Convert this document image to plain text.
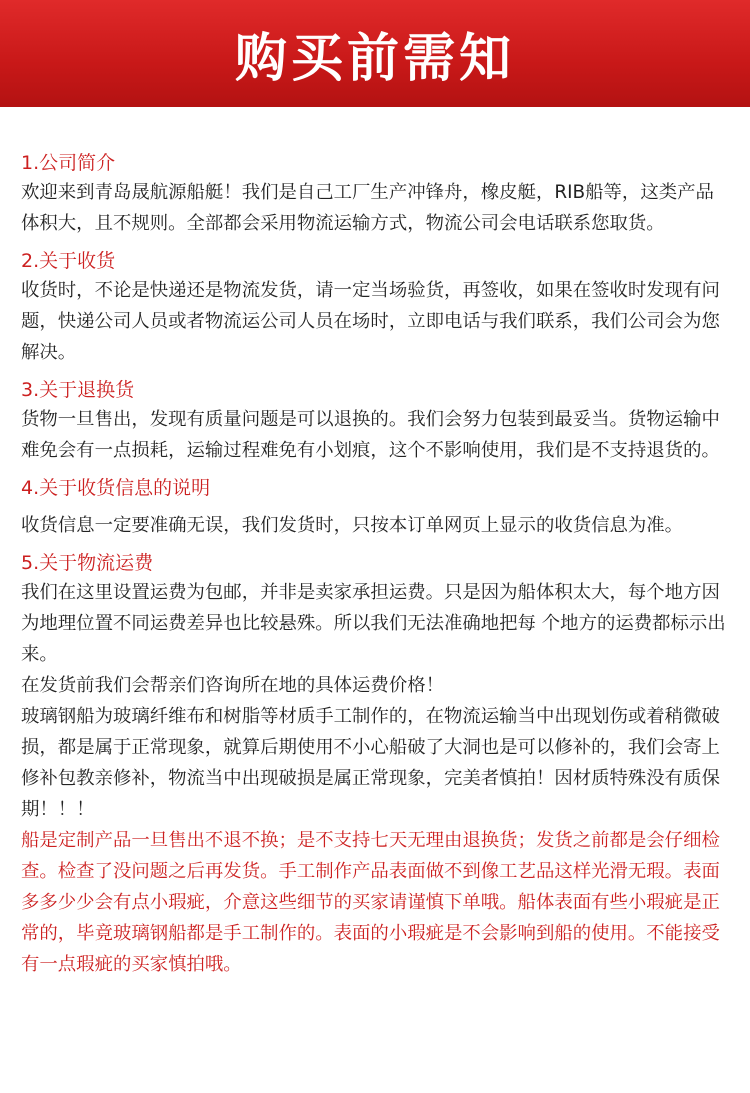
购买前需知

1.公司简介

欢迎来到青岛晟航源船艇！我们是自己工厂生产冲锋舟，橡皮艇，RIB船等，这类产品体积大，且不规则。全部都会采用物流运输方式，物流公司会电话联系您取货。

2.关于收货

收货时，不论是快递还是物流发货，请一定当场验货，再签收，如果在签收时发现有问题，快递公司人员或者物流运公司人员在场时，立即电话与我们联系，我们公司会为您解决。

3.关于退换货

货物一旦售出，发现有质量问题是可以退换的。我们会努力包装到最妥当。货物运输中难免会有一点损耗，运输过程难免有小划痕，这个不影响使用，我们是不支持退货的。

4.关于收货信息的说明

收货信息一定要准确无误，我们发货时，只按本订单网页上显示的收货信息为准。

5.关于物流运费

我们在这里设置运费为包邮，并非是卖家承担运费。只是因为船体积太大，每个地方因为地理位置不同运费差异也比较悬殊。所以我们无法准确地把每 个地方的运费都标示出来。

在发货前我们会帮亲们咨询所在地的具体运费价格！

玻璃钢船为玻璃纤维布和树脂等材质手工制作的，在物流运输当中出现划伤或着稍微破损，都是属于正常现象，就算后期使用不小心船破了大洞也是可以修补的，我们会寄上修补包教亲修补，物流当中出现破损是属正常现象，完美者慎拍！因材质特殊没有质保期！！！

船是定制产品一旦售出不退不换；是不支持七天无理由退换货；发货之前都是会仔细检查。检查了没问题之后再发货。手工制作产品表面做不到像工艺品这样光滑无瑕。表面多多少少会有点小瑕疵，介意这些细节的买家请谨慎下单哦。船体表面有些小瑕疵是正常的，毕竟玻璃钢船都是手工制作的。表面的小瑕疵是不会影响到船的使用。不能接受有一点瑕疵的买家慎拍哦。
